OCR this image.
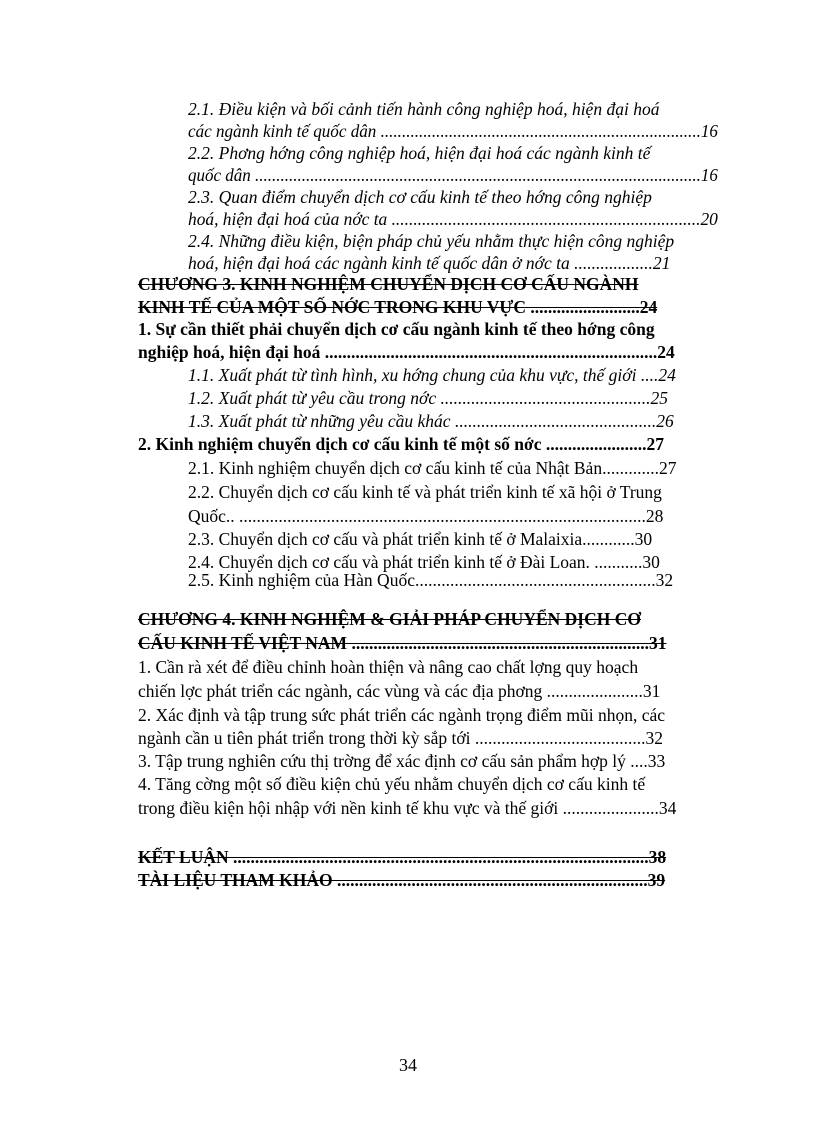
2.1. Điều kiện và bối cảnh tiến hành công nghiệp hoá, hiện đại hoá
các ngành kinh tế quốc dân ...........................................................................16
2.2. Phơng hớng công nghiệp hoá, hiện đại hoá các ngành kinh tế
quốc dân .........................................................................................................16
2.3. Quan điểm chuyển dịch cơ cấu kinh tế theo hớng công nghiệp
hoá, hiện đại hoá của nớc ta .......................................................................20
2.4. Những điều kiện, biện pháp chủ yếu nhằm thực hiện công nghiệp
hoá, hiện đại hoá các ngành kinh tế quốc dân ở nớc ta ..................21
CHƯƠNG 3. KINH NGHIỆM CHUYỂN DỊCH CƠ CẤU NGÀNH
KINH TẾ CỦA MỘT SỐ NỚC TRONG KHU VỰC .........................24
1. Sự cần thiết phải chuyển dịch cơ cấu ngành kinh tế theo hớng công
nghiệp hoá, hiện đại hoá ............................................................................24
1.1. Xuất phát từ tình hình, xu hớng chung của khu vực, thế giới ....24
1.2. Xuất phát từ yêu cầu trong nớc ................................................25
1.3. Xuất phát từ những yêu cầu khác ..............................................26
2. Kinh nghiệm chuyển dịch cơ cấu kinh tế một số nớc .......................27
2.1. Kinh nghiệm chuyển dịch cơ cấu kinh tế của Nhật Bản.............27
2.2. Chuyển dịch cơ cấu kinh tế và phát triển kinh tế xã hội ở Trung
Quốc.. .............................................................................................28
2.3. Chuyển dịch cơ cấu và phát triển kinh tế ở Malaixia............30
2.4. Chuyển dịch cơ cấu và phát triển kinh tế ở Đài Loan. ...........30
2.5. Kinh nghiệm của Hàn Quốc.......................................................32
CHƯƠNG 4. KINH NGHIỆM & GIẢI PHÁP CHUYỂN DỊCH CƠ
CẤU KINH TẾ VIỆT NAM ....................................................................31
1. Cần rà xét để điều chỉnh hoàn thiện và nâng cao chất lợng quy hoạch
chiến lợc phát triển các ngành, các vùng và các địa phơng ......................31
2. Xác định và tập trung sức phát triển các ngành trọng điểm mũi nhọn, các
ngành cần u tiên phát triển trong thời kỳ sắp tới .......................................32
3. Tập trung nghiên cứu thị trờng để xác định cơ cấu sản phẩm hợp lý ....33
4. Tăng cờng một số điều kiện chủ yếu nhằm chuyển dịch cơ cấu kinh tế
trong điều kiện hội nhập với nền kinh tế khu vực và thế giới ......................34
KẾT LUẬN ...............................................................................................38
TÀI LIỆU THAM KHẢO .......................................................................39
34
